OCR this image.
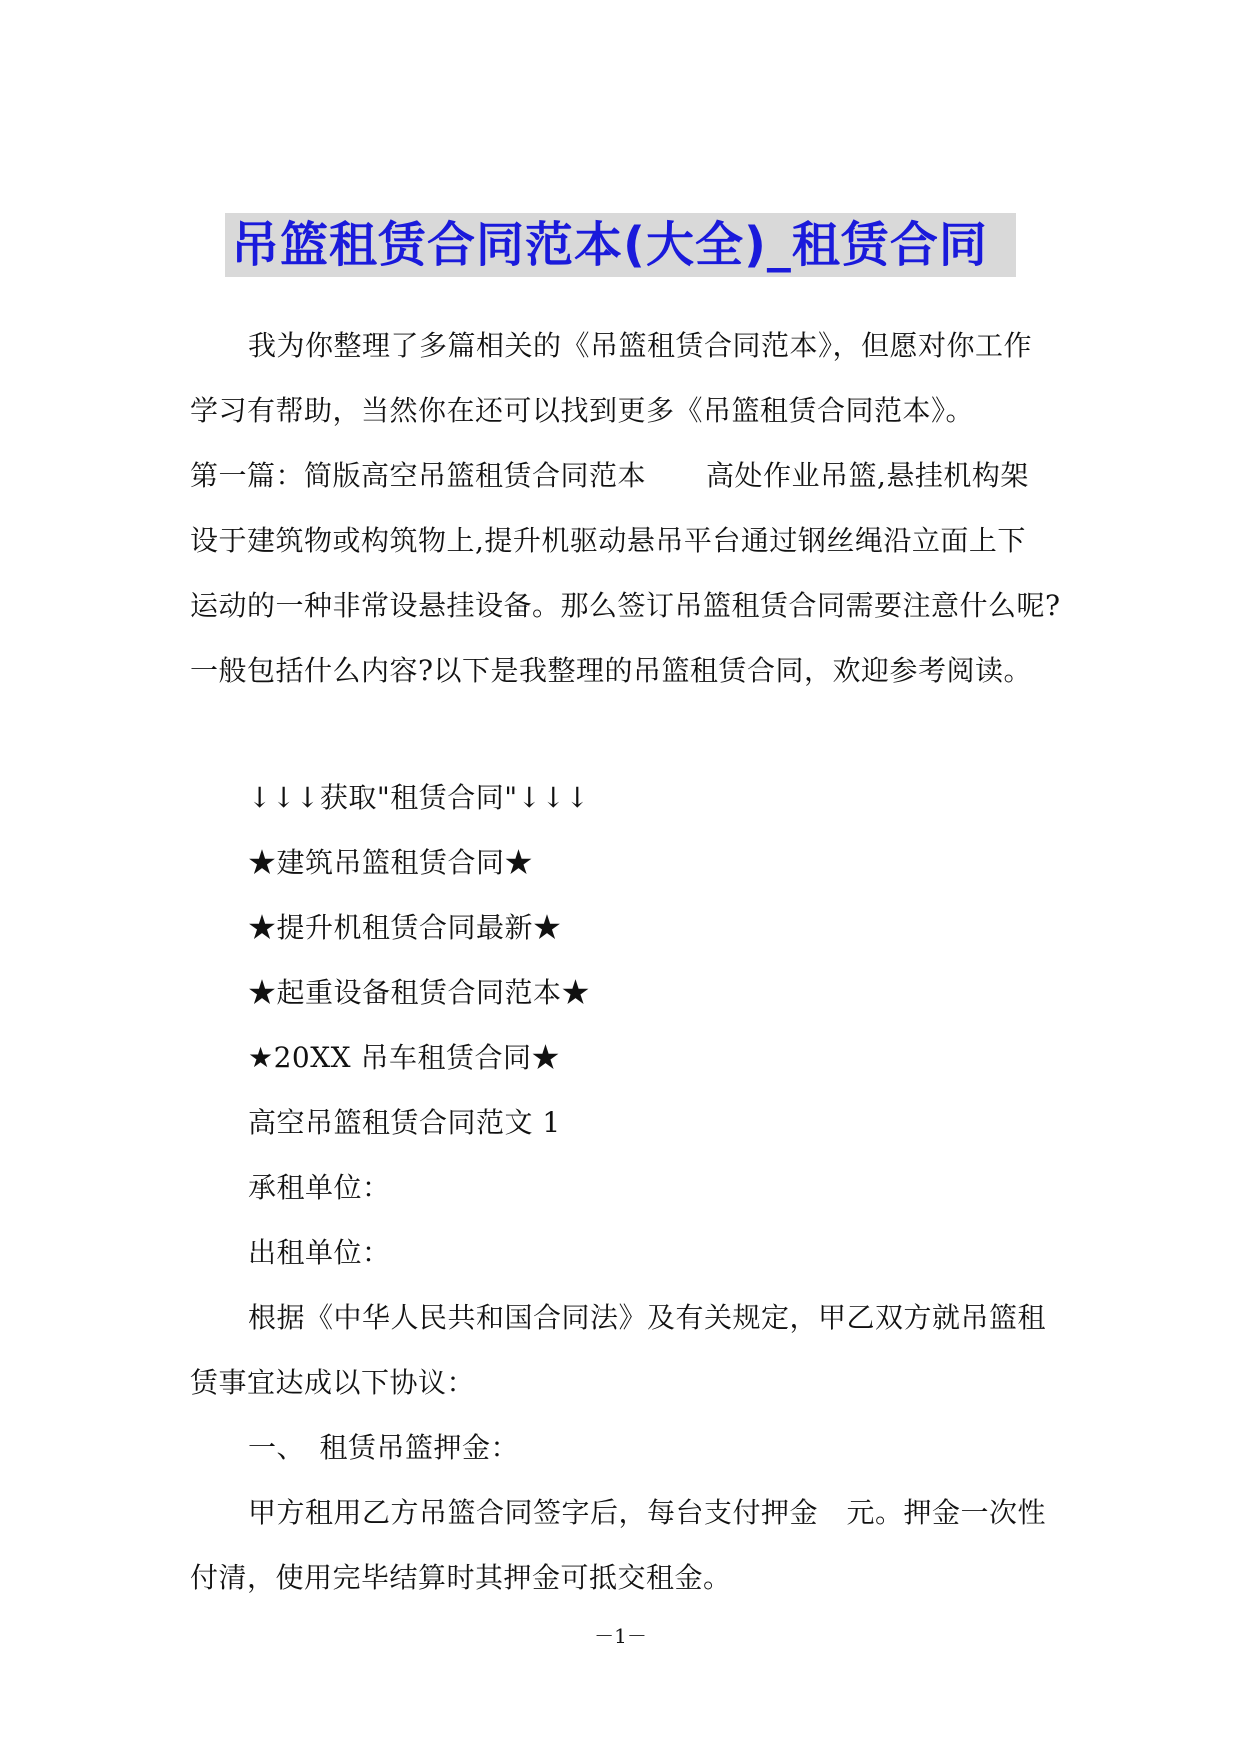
吊篮租赁合同范本(大全)_租赁合同

我为你整理了多篇相关的《吊篮租赁合同范本》，但愿对你工作

学习有帮助，当然你在还可以找到更多《吊篮租赁合同范本》。

第一篇：简版高空吊篮租赁合同范本 高处作业吊篮,悬挂机构架

设于建筑物或构筑物上,提升机驱动悬吊平台通过钢丝绳沿立面上下

运动的一种非常设悬挂设备。那么签订吊篮租赁合同需要注意什么呢?

一般包括什么内容?以下是我整理的吊篮租赁合同，欢迎参考阅读。

↓↓↓获取"租赁合同"↓↓↓

★建筑吊篮租赁合同★

★提升机租赁合同最新★

★起重设备租赁合同范本★

★20XX 吊车租赁合同★

高空吊篮租赁合同范文 1

承租单位：

出租单位：

根据《中华人民共和国合同法》及有关规定，甲乙双方就吊篮租

赁事宜达成以下协议：

一、　租赁吊篮押金：

甲方租用乙方吊篮合同签字后，每台支付押金　元。押金一次性

付清，使用完毕结算时其押金可抵交租金。

－1－
